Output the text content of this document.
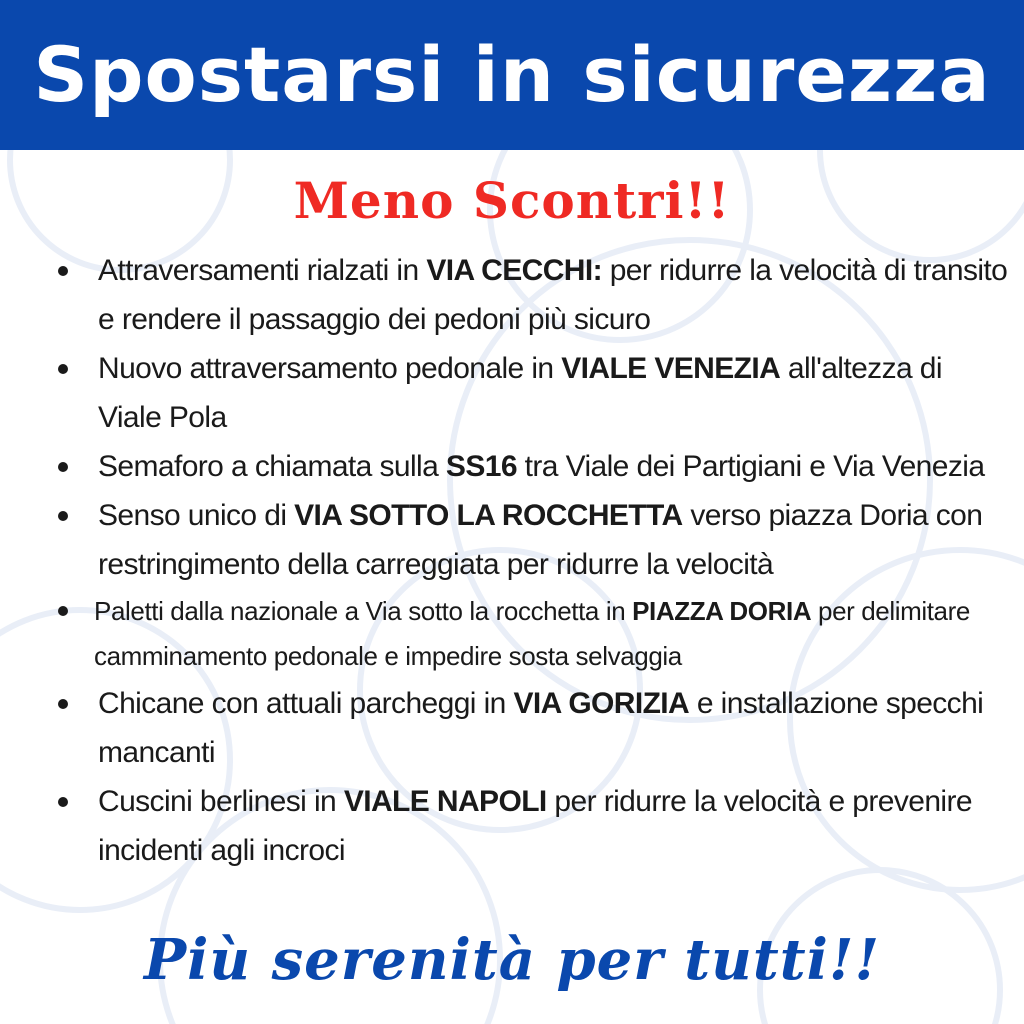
Spostarsi in sicurezza
Meno Scontri!!
Attraversamenti rialzati in VIA CECCHI: per ridurre la velocità di transito e rendere il passaggio dei pedoni più sicuro
Nuovo attraversamento pedonale in VIALE VENEZIA all'altezza di Viale Pola
Semaforo a chiamata sulla SS16 tra Viale dei Partigiani e Via Venezia
Senso unico di VIA SOTTO LA ROCCHETTA verso piazza Doria con restringimento della carreggiata per ridurre la velocità
Paletti dalla nazionale a Via sotto la rocchetta in PIAZZA DORIA per delimitare camminamento pedonale e impedire sosta selvaggia
Chicane con attuali parcheggi in VIA GORIZIA e installazione specchi mancanti
Cuscini berlinesi in VIALE NAPOLI per ridurre la velocità e prevenire incidenti agli incroci
Più serenità per tutti!!
